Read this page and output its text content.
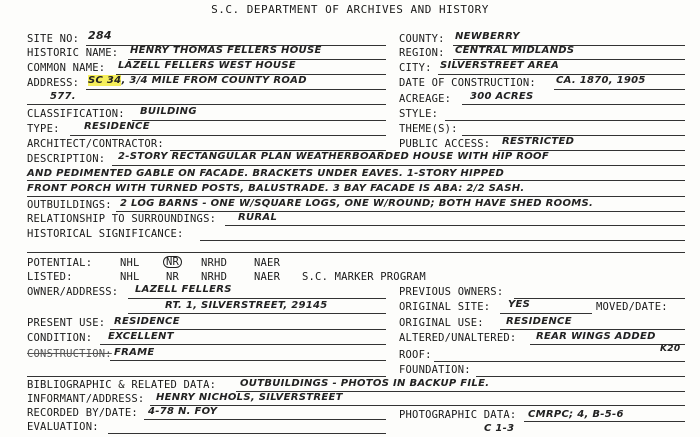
S.C. DEPARTMENT OF ARCHIVES AND HISTORY
SITE NO: 284	COUNTY: NEWBERRY
HISTORIC NAME: HENRY THOMAS FELLERS HOUSE	REGION: CENTRAL MIDLANDS
COMMON NAME: LAZELL FELLERS WEST HOUSE	CITY: SILVERSTREET AREA
ADDRESS: SC 34, 3/4 MILE FROM COUNTY ROAD
577.
DATE OF CONSTRUCTION: CA. 1870, 1905
ACREAGE: 300 ACRES
CLASSIFICATION: BUILDING	STYLE:
TYPE: RESIDENCE	THEME(S):
ARCHITECT/CONTRACTOR:	PUBLIC ACCESS: RESTRICTED
DESCRIPTION: 2-STORY RECTANGULAR PLAN WEATHERBOARDED HOUSE WITH HIP ROOF
AND PEDIMENTED GABLE ON FACADE. BRACKETS UNDER EAVES. 1-STORY HIPPED
FRONT PORCH WITH TURNED POSTS, BALUSTRADE. 3 BAY FACADE IS ABA: 2/2 SASH.
OUTBUILDINGS: 2 LOG BARNS - ONE W/SQUARE LOGS, ONE W/ROUND; BOTH HAVE SHED ROOMS.
RELATIONSHIP TO SURROUNDINGS: RURAL
HISTORICAL SIGNIFICANCE:
POTENTIAL:	NHL	NR NRHD	NAER
LISTED:	NHL	NR NRHD	NAER S.C. MARKER PROGRAM
OWNER/ADDRESS: LAZELL FELLERS
RT. 1, SILVERSTREET, 29145
PREVIOUS OWNERS:
ORIGINAL SITE: YES	MOVED/DATE:
PRESENT USE: RESIDENCE	ORIGINAL USE: RESIDENCE
CONDITION: EXCELLENT	ALTERED/UNALTERED: REAR WINGS ADDED
K20
CONSTRUCTION: FRAME	ROOF:
FOUNDATION:
BIBLIOGRAPHIC & RELATED DATA: OUTBUILDINGS - PHOTOS IN BACKUP FILE.
INFORMANT/ADDRESS: HENRY NICHOLS, SILVERSTREET
RECORDED BY/DATE: 4-78 N. FOY	PHOTOGRAPHIC DATA: CMRPC; 4, B-5-6
C 1-3
EVALUATION:
